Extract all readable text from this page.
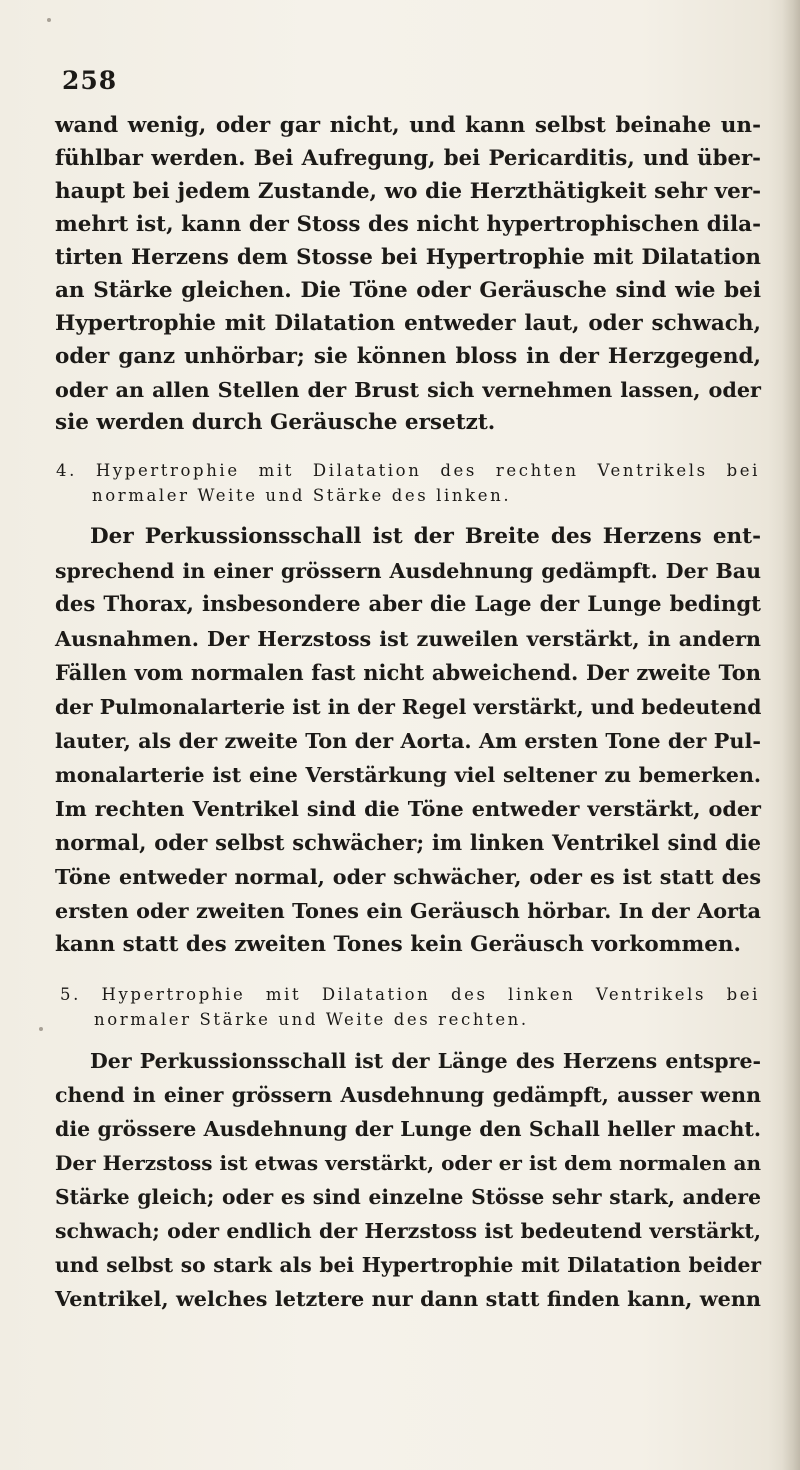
258
wand wenig, oder gar nicht, und kann selbst beinahe un-
fühlbar werden. Bei Aufregung, bei Pericarditis, und über-
haupt bei jedem Zustande, wo die Herzthätigkeit sehr ver-
mehrt ist, kann der Stoss des nicht hypertrophischen dila-
tirten Herzens dem Stosse bei Hypertrophie mit Dilatation
an Stärke gleichen. Die Töne oder Geräusche sind wie bei
Hypertrophie mit Dilatation entweder laut, oder schwach,
oder ganz unhörbar; sie können bloss in der Herzgegend,
oder an allen Stellen der Brust sich vernehmen lassen, oder
sie werden durch Geräusche ersetzt.
4. Hypertrophie mit Dilatation des rechten Ventrikels bei
normaler Weite und Stärke des linken.
Der Perkussionsschall ist der Breite des Herzens ent-
sprechend in einer grössern Ausdehnung gedämpft. Der Bau
des Thorax, insbesondere aber die Lage der Lunge bedingt
Ausnahmen. Der Herzstoss ist zuweilen verstärkt, in andern
Fällen vom normalen fast nicht abweichend. Der zweite Ton
der Pulmonalarterie ist in der Regel verstärkt, und bedeutend
lauter, als der zweite Ton der Aorta. Am ersten Tone der Pul-
monalarterie ist eine Verstärkung viel seltener zu bemerken.
Im rechten Ventrikel sind die Töne entweder verstärkt, oder
normal, oder selbst schwächer; im linken Ventrikel sind die
Töne entweder normal, oder schwächer, oder es ist statt des
ersten oder zweiten Tones ein Geräusch hörbar. In der Aorta
kann statt des zweiten Tones kein Geräusch vorkommen.
5. Hypertrophie mit Dilatation des linken Ventrikels bei
normaler Stärke und Weite des rechten.
Der Perkussionsschall ist der Länge des Herzens entspre-
chend in einer grössern Ausdehnung gedämpft, ausser wenn
die grössere Ausdehnung der Lunge den Schall heller macht.
Der Herzstoss ist etwas verstärkt, oder er ist dem normalen an
Stärke gleich; oder es sind einzelne Stösse sehr stark, andere
schwach; oder endlich der Herzstoss ist bedeutend verstärkt,
und selbst so stark als bei Hypertrophie mit Dilatation beider
Ventrikel, welches letztere nur dann statt finden kann, wenn
